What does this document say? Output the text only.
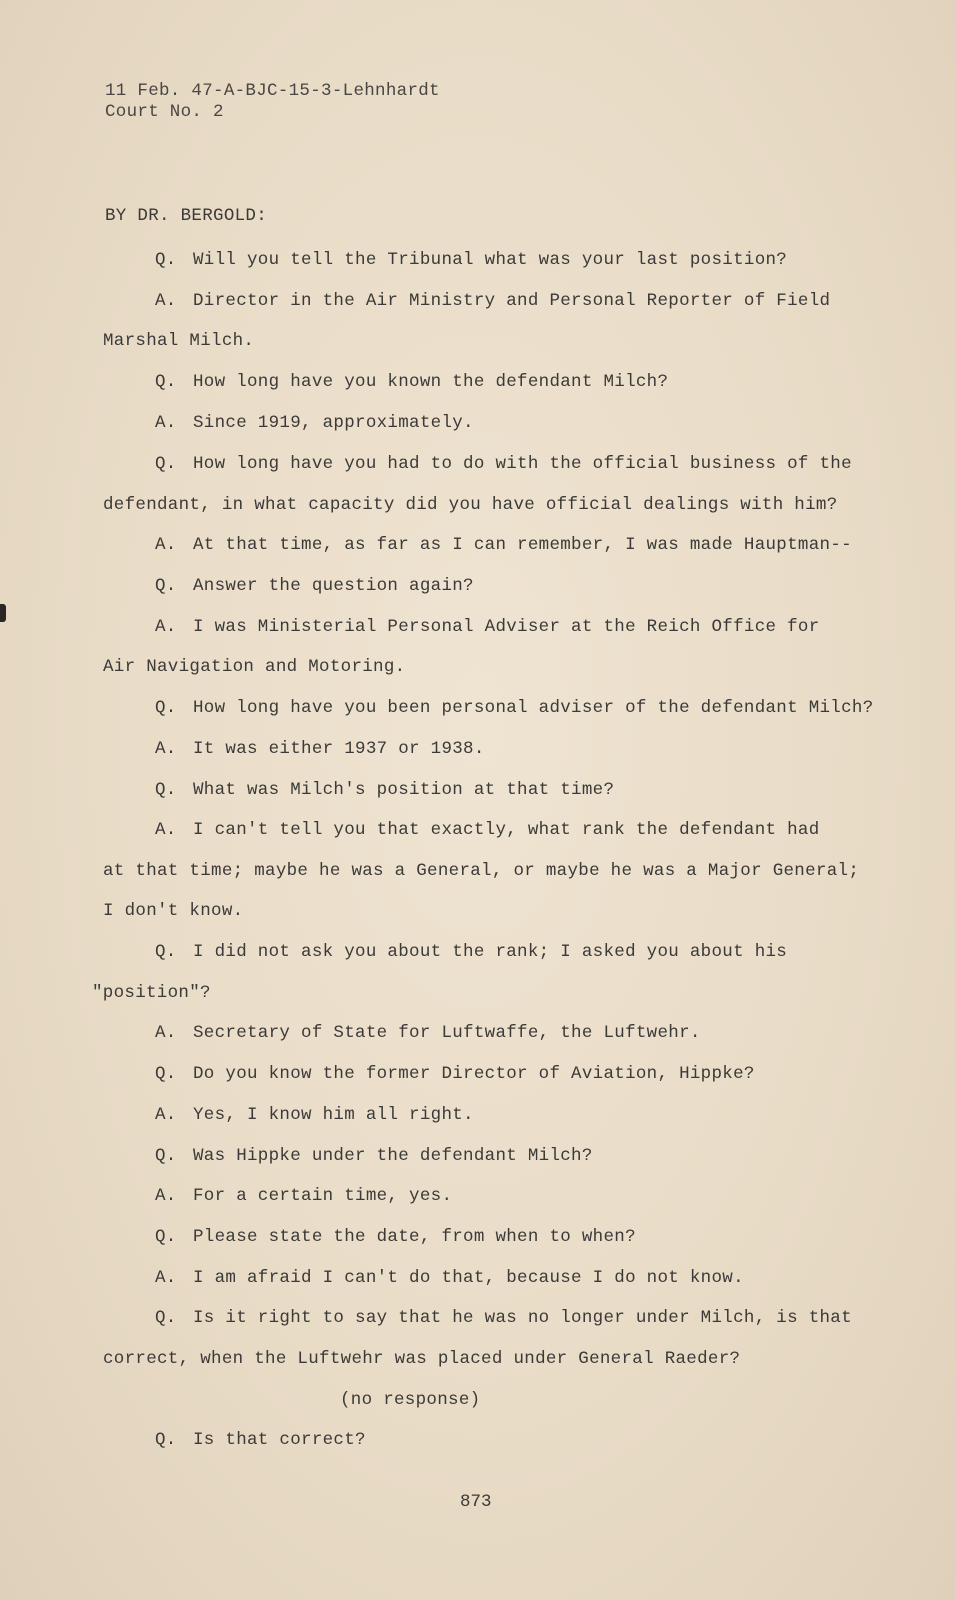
11 Feb. 47-A-BJC-15-3-Lehnhardt
Court No. 2
BY DR. BERGOLD:
Q. Will you tell the Tribunal what was your last position?
A. Director in the Air Ministry and Personal Reporter of Field
Marshal Milch.
Q. How long have you known the defendant Milch?
A. Since 1919, approximately.
Q. How long have you had to do with the official business of the
defendant, in what capacity did you have official dealings with him?
A. At that time, as far as I can remember, I was made Hauptman--
Q. Answer the question again?
A. I was Ministerial Personal Adviser at the Reich Office for
Air Navigation and Motoring.
Q. How long have you been personal adviser of the defendant Milch?
A. It was either 1937 or 1938.
Q. What was Milch's position at that time?
A. I can't tell you that exactly, what rank the defendant had
at that time; maybe he was a General, or maybe he was a Major General;
I don't know.
Q. I did not ask you about the rank; I asked you about his
"position"?
A. Secretary of State for Luftwaffe, the Luftwehr.
Q. Do you know the former Director of Aviation, Hippke?
A. Yes, I know him all right.
Q. Was Hippke under the defendant Milch?
A. For a certain time, yes.
Q. Please state the date, from when to when?
A. I am afraid I can't do that, because I do not know.
Q. Is it right to say that he was no longer under Milch, is that
correct, when the Luftwehr was placed under General Raeder?
(no response)
Q. Is that correct?
873
